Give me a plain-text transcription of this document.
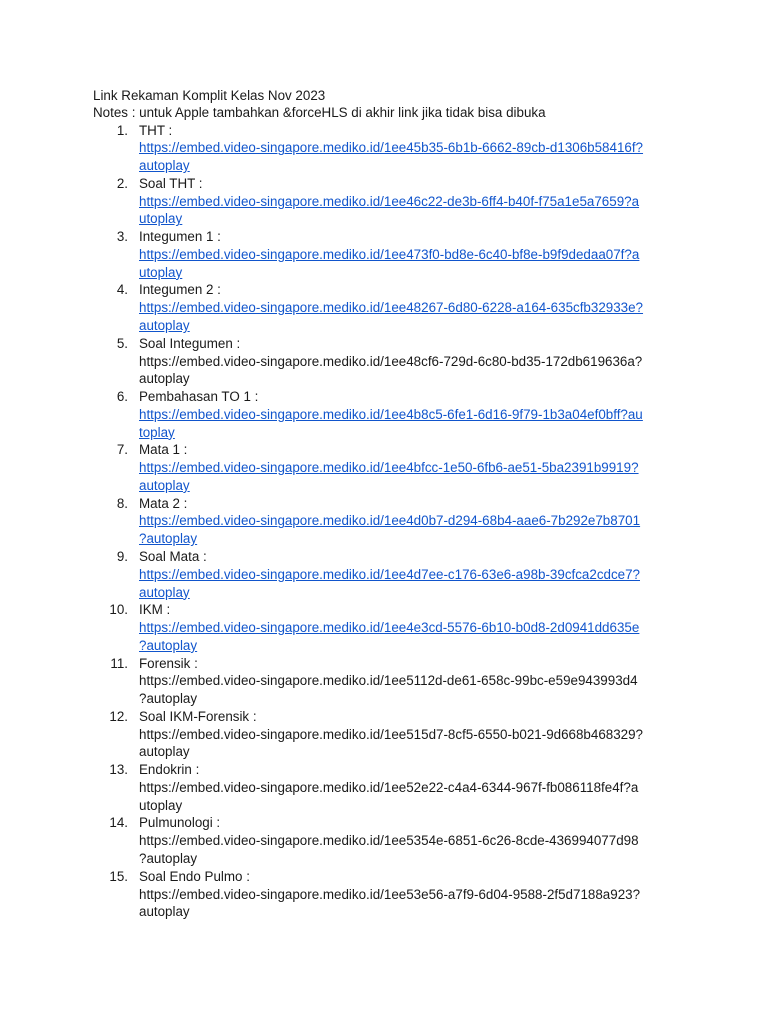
Link Rekaman Komplit Kelas Nov 2023
Notes : untuk Apple tambahkan &forceHLS di akhir link jika tidak bisa dibuka
1. THT :
https://embed.video-singapore.mediko.id/1ee45b35-6b1b-6662-89cb-d1306b58416f?
autoplay
2. Soal THT :
https://embed.video-singapore.mediko.id/1ee46c22-de3b-6ff4-b40f-f75a1e5a7659?a
utoplay
3. Integumen 1 :
https://embed.video-singapore.mediko.id/1ee473f0-bd8e-6c40-bf8e-b9f9dedaa07f?a
utoplay
4. Integumen 2 :
https://embed.video-singapore.mediko.id/1ee48267-6d80-6228-a164-635cfb32933e?
autoplay
5. Soal Integumen :
https://embed.video-singapore.mediko.id/1ee48cf6-729d-6c80-bd35-172db619636a?
autoplay
6. Pembahasan TO 1 :
https://embed.video-singapore.mediko.id/1ee4b8c5-6fe1-6d16-9f79-1b3a04ef0bff?au
toplay
7. Mata 1 :
https://embed.video-singapore.mediko.id/1ee4bfcc-1e50-6fb6-ae51-5ba2391b9919?
autoplay
8. Mata 2 :
https://embed.video-singapore.mediko.id/1ee4d0b7-d294-68b4-aae6-7b292e7b8701
?autoplay
9. Soal Mata :
https://embed.video-singapore.mediko.id/1ee4d7ee-c176-63e6-a98b-39cfca2cdce7?
autoplay
10. IKM :
https://embed.video-singapore.mediko.id/1ee4e3cd-5576-6b10-b0d8-2d0941dd635e
?autoplay
11. Forensik :
https://embed.video-singapore.mediko.id/1ee5112d-de61-658c-99bc-e59e943993d4
?autoplay
12. Soal IKM-Forensik :
https://embed.video-singapore.mediko.id/1ee515d7-8cf5-6550-b021-9d668b468329?
autoplay
13. Endokrin :
https://embed.video-singapore.mediko.id/1ee52e22-c4a4-6344-967f-fb086118fe4f?a
utoplay
14. Pulmunologi :
https://embed.video-singapore.mediko.id/1ee5354e-6851-6c26-8cde-436994077d98
?autoplay
15. Soal Endo Pulmo :
https://embed.video-singapore.mediko.id/1ee53e56-a7f9-6d04-9588-2f5d7188a923?
autoplay
